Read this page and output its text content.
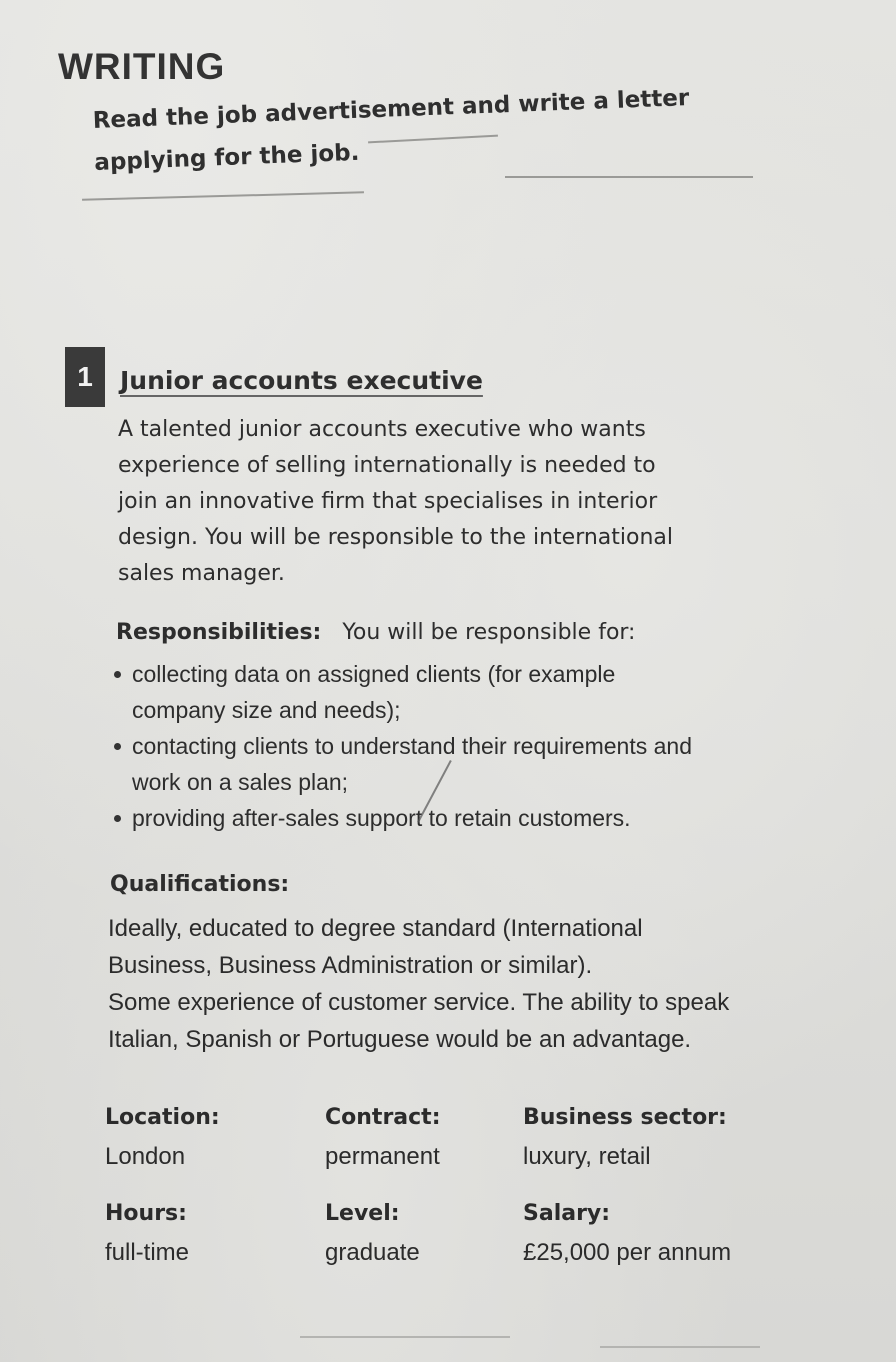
WRITING
Read the job advertisement and write a letter
applying for the job.
1	Junior accounts executive
A talented junior accounts executive who wants
experience of selling internationally is needed to
join an innovative firm that specialises in interior
design. You will be responsible to the international
sales manager.
Responsibilities: You will be responsible for:
collecting data on assigned clients (for example
company size and needs);
contacting clients to understand their requirements and
work on a sales plan;
providing after-sales support to retain customers.
Qualifications:
Ideally, educated to degree standard (International
Business, Business Administration or similar).
Some experience of customer service. The ability to speak
Italian, Spanish or Portuguese would be an advantage.
Location:
London
Contract:
permanent
Business sector:
luxury, retail
Hours:
full-time
Level:
graduate
Salary:
£25,000 per annum
